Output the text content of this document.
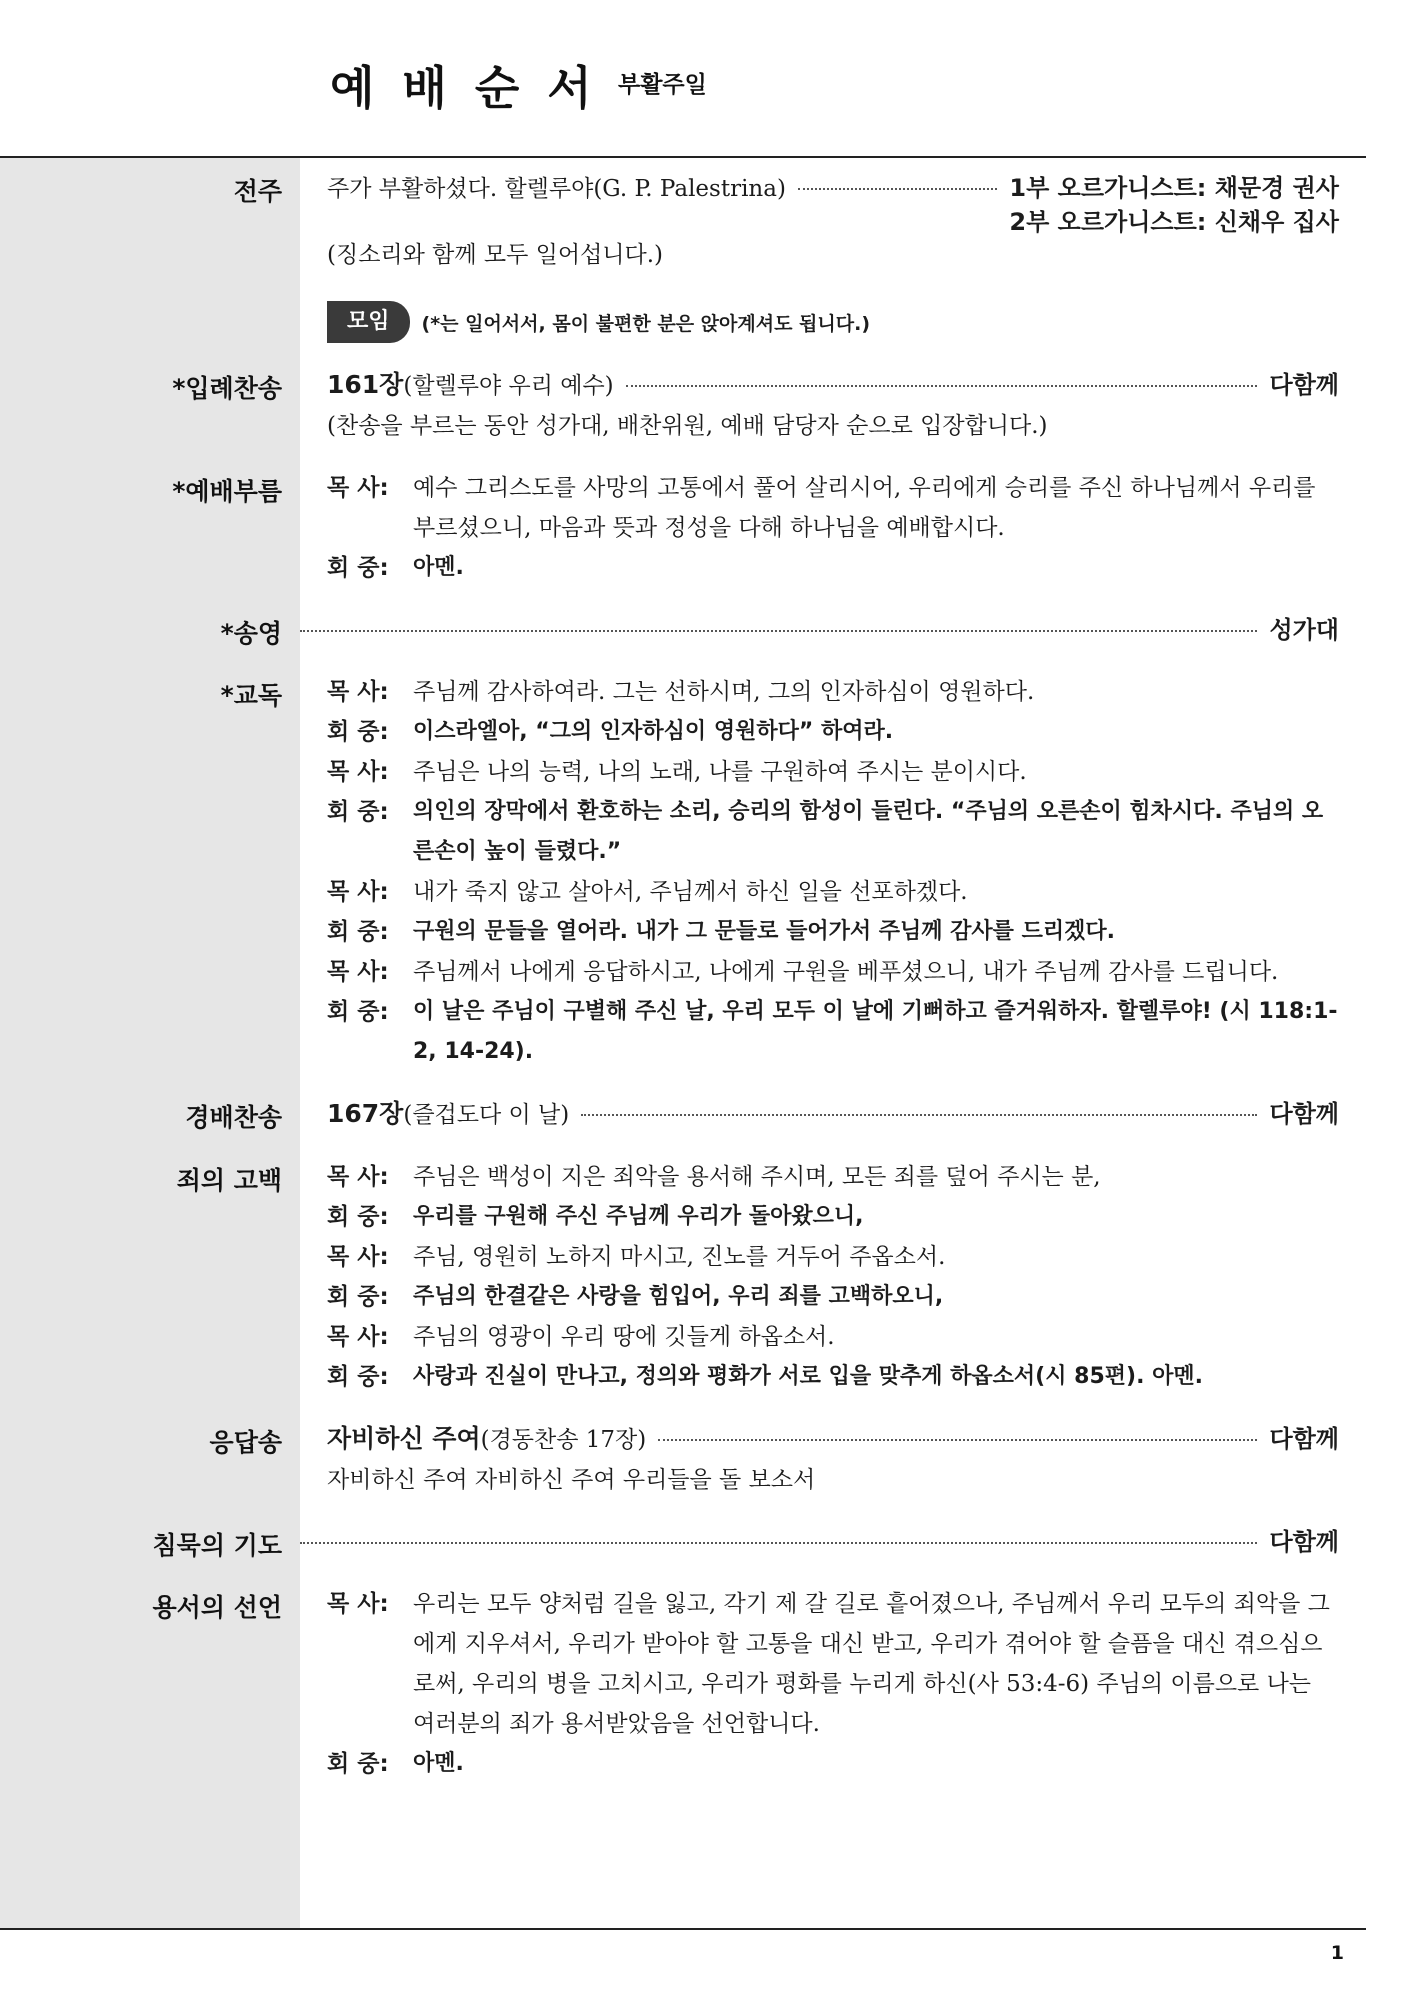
예배순서
부활주일
전주 주가 부활하셨다. 할렐루야(G. P. Palestrina)	1부 오르가니스트: 채문경 권사
2부 오르가니스트: 신채우 집사
(징소리와 함께 모두 일어섭니다.)
모임	(*는 일어서서, 몸이 불편한 분은 앉아계셔도 됩니다.)
*입례찬송 161장(할렐루야 우리 예수)	다함께
(찬송을 부르는 동안 성가대, 배찬위원, 예배 담당자 순으로 입장합니다.)
*예배부름 목 사:	예수 그리스도를 사망의 고통에서 풀어 살리시어, 우리에게 승리를 주신 하나님께서 우리를 부르셨으니, 마음과 뜻과 정성을 다해 하나님을 예배합시다.
회 중:	아멘.
*송영	성가대
*교독 목 사:	주님께 감사하여라. 그는 선하시며, 그의 인자하심이 영원하다.
회 중:	이스라엘아, “그의 인자하심이 영원하다” 하여라.
목 사:	주님은 나의 능력, 나의 노래, 나를 구원하여 주시는 분이시다.
회 중:	의인의 장막에서 환호하는 소리, 승리의 함성이 들린다. “주님의 오른손이 힘차시다. 주님의 오른손이 높이 들렸다.”
목 사:	내가 죽지 않고 살아서, 주님께서 하신 일을 선포하겠다.
회 중:	구원의 문들을 열어라. 내가 그 문들로 들어가서 주님께 감사를 드리겠다.
목 사:	주님께서 나에게 응답하시고, 나에게 구원을 베푸셨으니, 내가 주님께 감사를 드립니다.
회 중:	이 날은 주님이 구별해 주신 날, 우리 모두 이 날에 기뻐하고 즐거워하자. 할렐루야! (시 118:1-2, 14-24).
경배찬송 167장(즐겁도다 이 날)	다함께
죄의 고백 목 사:	주님은 백성이 지은 죄악을 용서해 주시며, 모든 죄를 덮어 주시는 분,
회 중:	우리를 구원해 주신 주님께 우리가 돌아왔으니,
목 사:	주님, 영원히 노하지 마시고, 진노를 거두어 주옵소서.
회 중:	주님의 한결같은 사랑을 힘입어, 우리 죄를 고백하오니,
목 사:	주님의 영광이 우리 땅에 깃들게 하옵소서.
회 중:	사랑과 진실이 만나고, 정의와 평화가 서로 입을 맞추게 하옵소서(시 85편). 아멘.
응답송 자비하신 주여(경동찬송 17장)	다함께
자비하신 주여 자비하신 주여 우리들을 돌 보소서
침묵의 기도	다함께
용서의 선언 목 사:	우리는 모두 양처럼 길을 잃고, 각기 제 갈 길로 흩어졌으나, 주님께서 우리 모두의 죄악을 그에게 지우셔서, 우리가 받아야 할 고통을 대신 받고, 우리가 겪어야 할 슬픔을 대신 겪으심으로써, 우리의 병을 고치시고, 우리가 평화를 누리게 하신(사 53:4-6) 주님의 이름으로 나는 여러분의 죄가 용서받았음을 선언합니다.
회 중:	아멘.
1
